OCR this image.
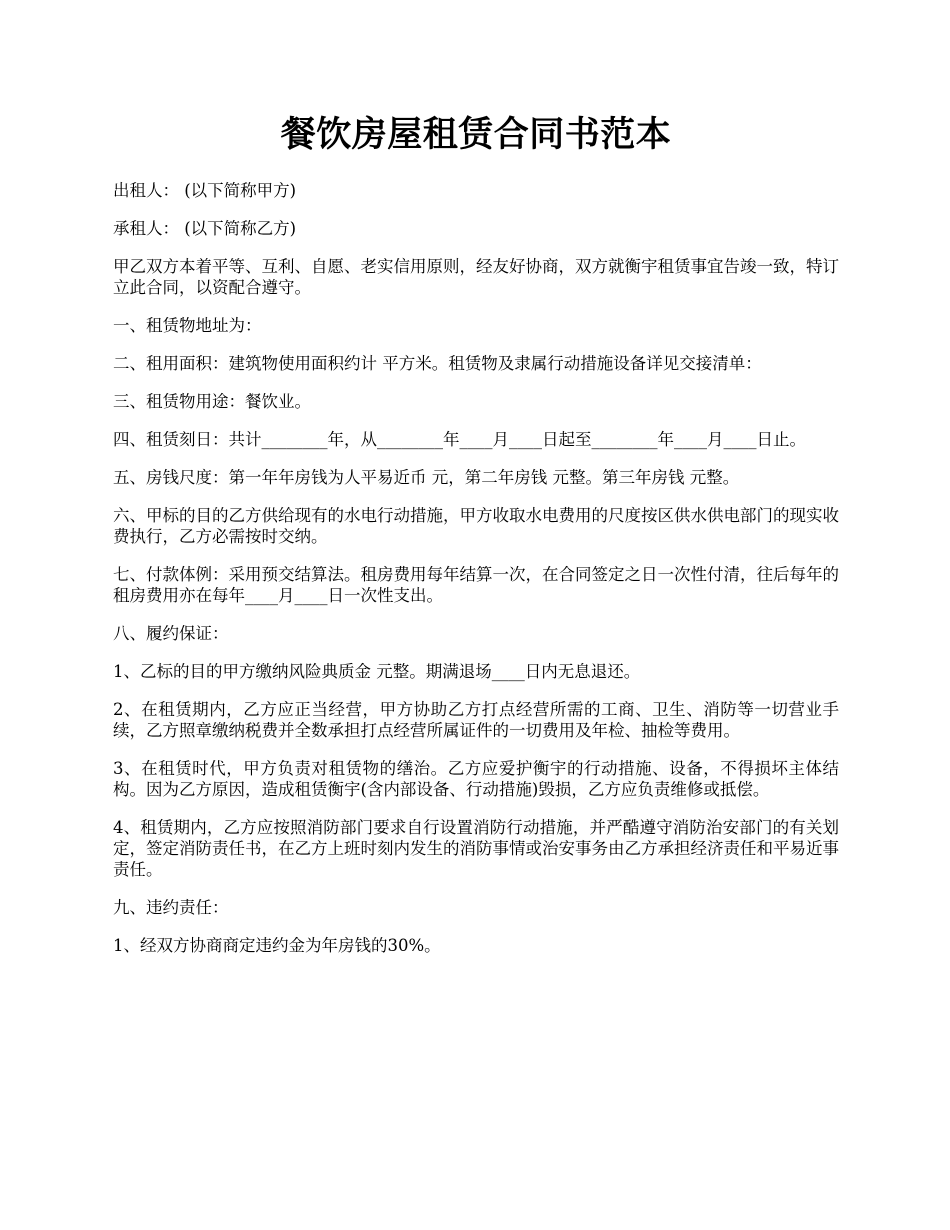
餐饮房屋租赁合同书范本

出租人： (以下简称甲方)

承租人： (以下简称乙方)

甲乙双方本着平等、互利、自愿、老实信用原则，经友好协商，双方就衡宇租赁事宜告竣一致，特订立此合同，以资配合遵守。

一、租赁物地址为：

二、租用面积：建筑物使用面积约计 平方米。租赁物及隶属行动措施设备详见交接清单：

三、租赁物用途：餐饮业。

四、租赁刻日：共计________年，从________年____月____日起至________年____月____日止。

五、房钱尺度：第一年年房钱为人平易近币 元，第二年房钱 元整。第三年房钱 元整。

六、甲标的目的乙方供给现有的水电行动措施，甲方收取水电费用的尺度按区供水供电部门的现实收费执行，乙方必需按时交纳。

七、付款体例：采用预交结算法。租房费用每年结算一次，在合同签定之日一次性付清，往后每年的租房费用亦在每年____月____日一次性支出。

八、履约保证：

1、乙标的目的甲方缴纳风险典质金 元整。期满退场____日内无息退还。

2、在租赁期内，乙方应正当经营，甲方协助乙方打点经营所需的工商、卫生、消防等一切营业手续，乙方照章缴纳税费并全数承担打点经营所属证件的一切费用及年检、抽检等费用。

3、在租赁时代，甲方负责对租赁物的缮治。乙方应爱护衡宇的行动措施、设备，不得损坏主体结构。因为乙方原因，造成租赁衡宇(含内部设备、行动措施)毁损，乙方应负责维修或抵偿。

4、租赁期内，乙方应按照消防部门要求自行设置消防行动措施，并严酷遵守消防治安部门的有关划定，签定消防责任书，在乙方上班时刻内发生的消防事情或治安事务由乙方承担经济责任和平易近事责任。

九、违约责任：

1、经双方协商商定违约金为年房钱的30%。
